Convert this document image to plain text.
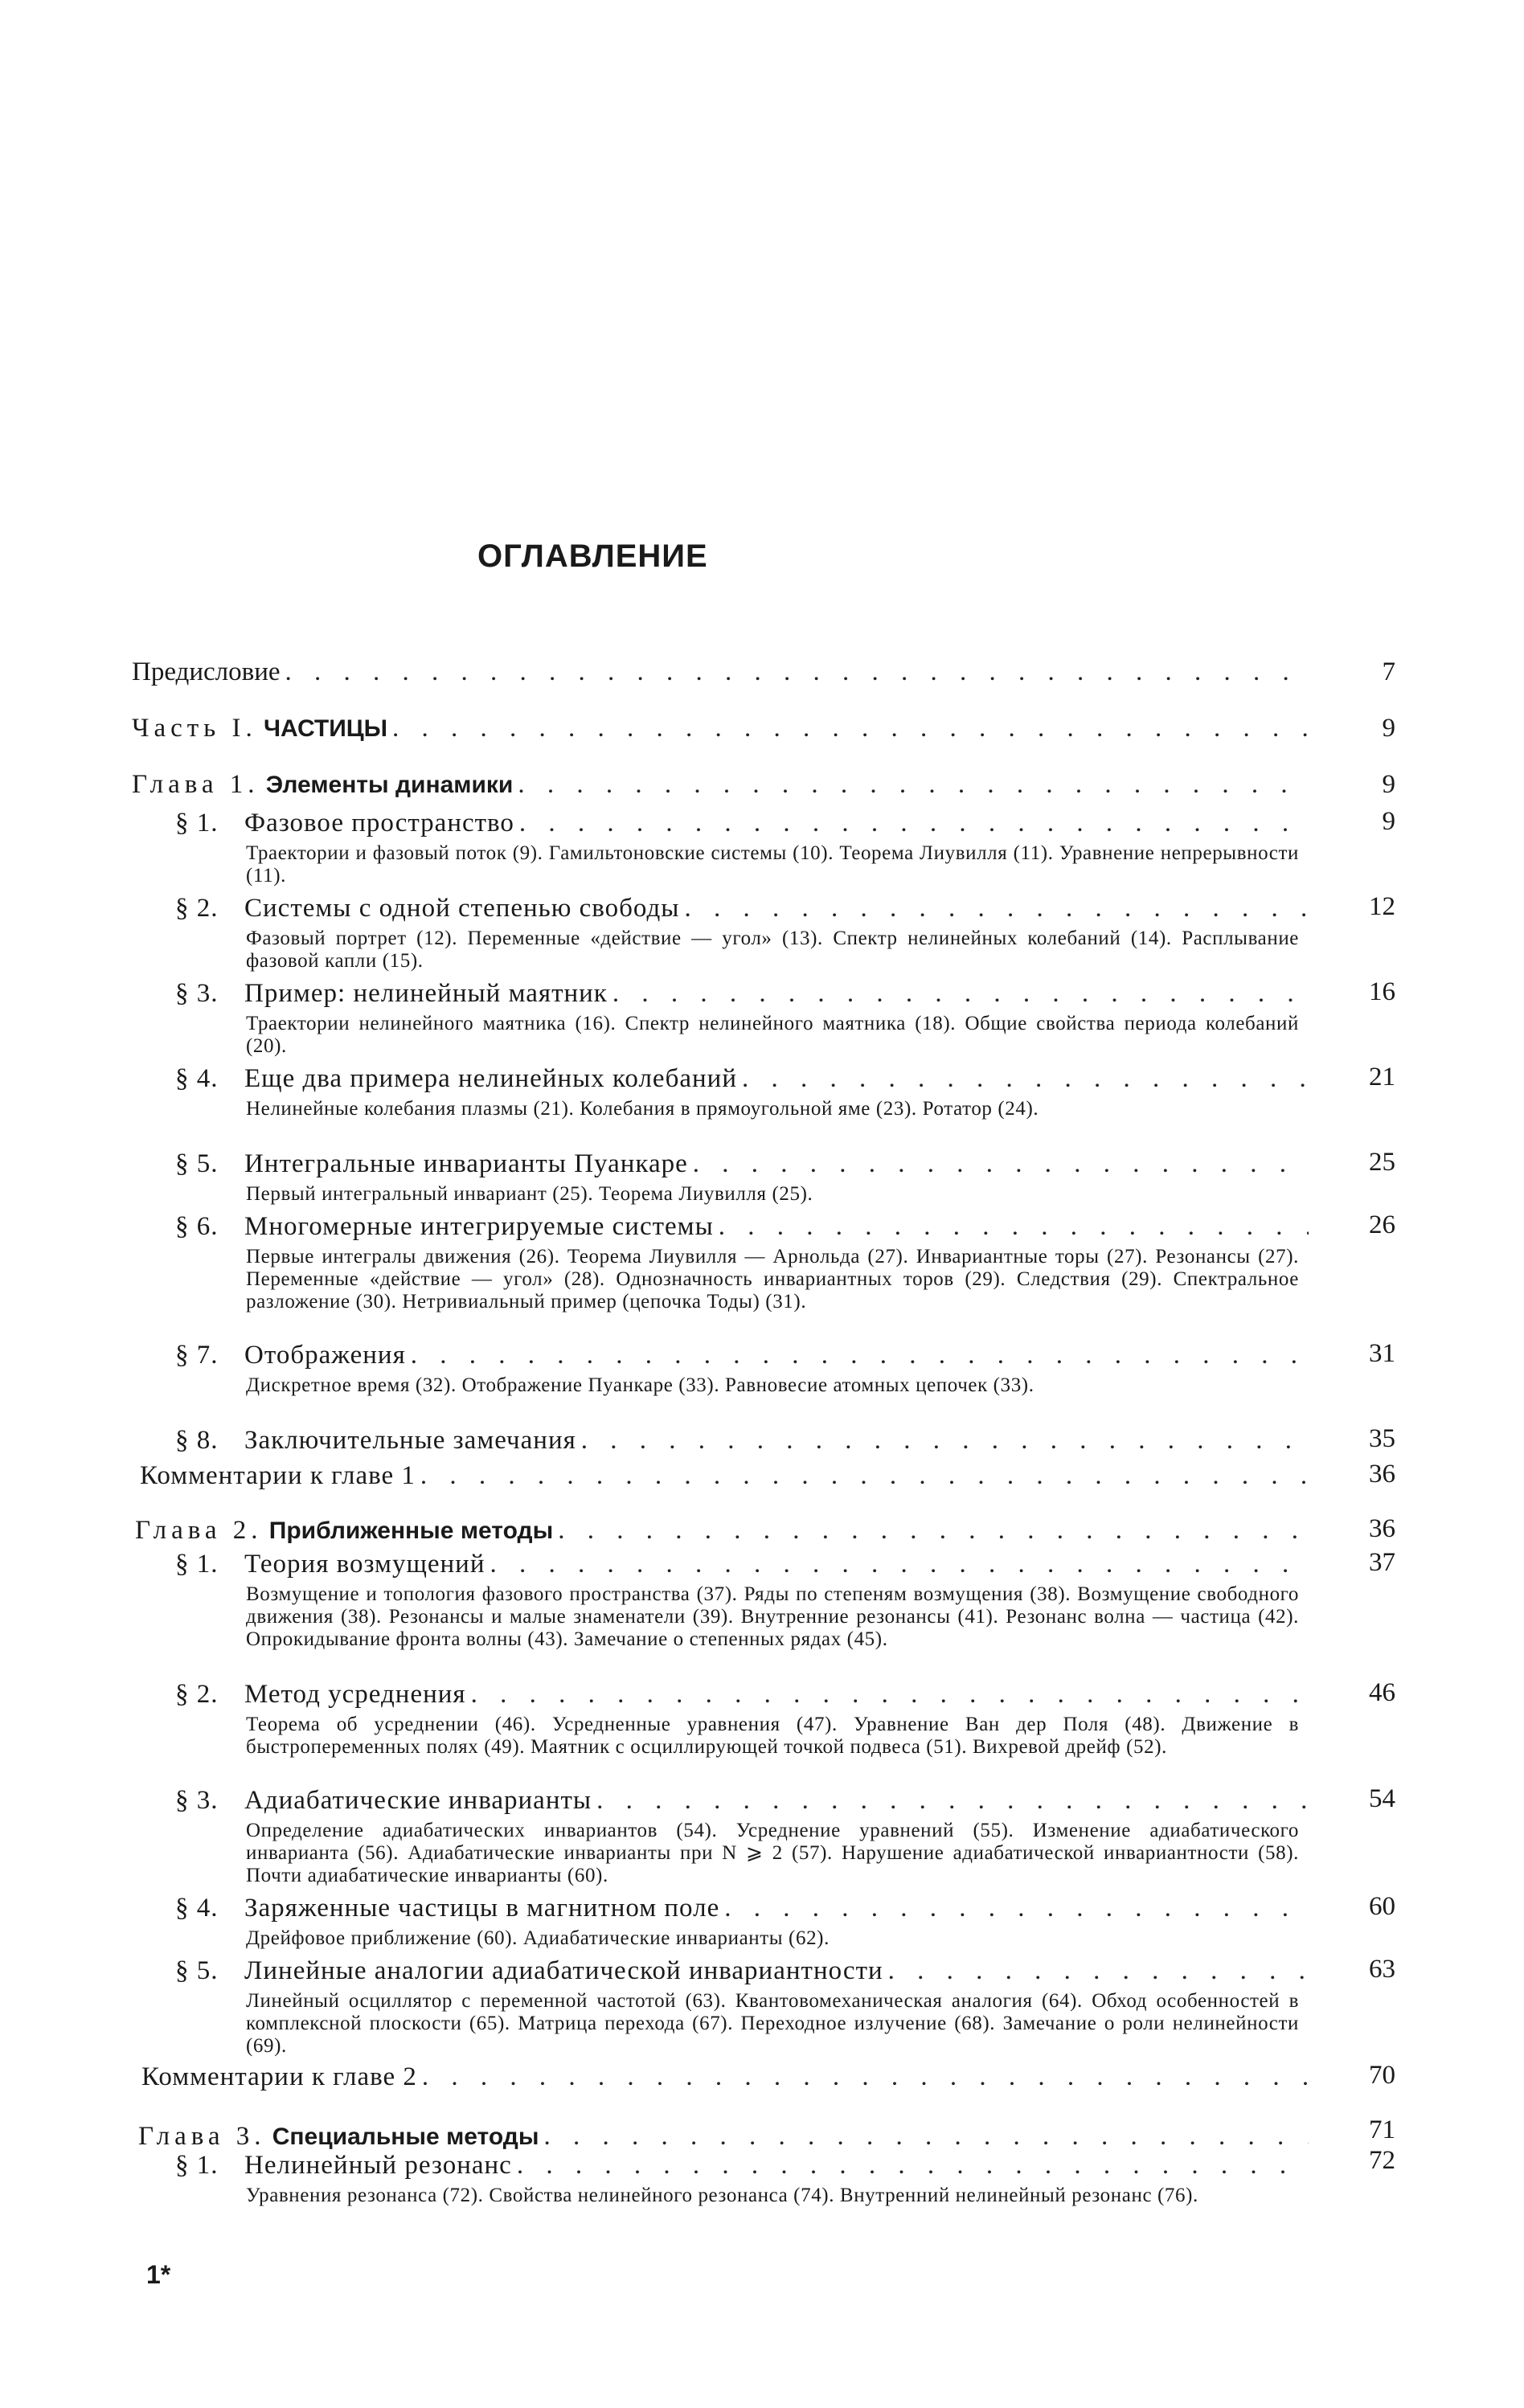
ОГЛАВЛЕНИЕ
Предисловие . . .	7
Часть I. ЧАСТИЦЫ . . .	9
Глава 1. Элементы динамики . . .	9
§ 1. Фазовое пространство . . .	9
Траектории и фазовый поток (9). Гамильтоновские системы (10). Теорема Лиувилля (11). Уравнение непрерывности (11).
§ 2. Системы с одной степенью свободы . . .	12
Фазовый портрет (12). Переменные «действие — угол» (13). Спектр нелинейных колебаний (14). Расплывание фазовой капли (15).
§ 3. Пример: нелинейный маятник . . .	16
Траектории нелинейного маятника (16). Спектр нелинейного маятника (18). Общие свойства периода колебаний (20).
§ 4. Еще два примера нелинейных колебаний . . .	21
Нелинейные колебания плазмы (21). Колебания в прямоугольной яме (23). Ротатор (24).
§ 5. Интегральные инварианты Пуанкаре . . .	25
Первый интегральный инвариант (25). Теорема Лиувилля (25).
§ 6. Многомерные интегрируемые системы . . .	26
Первые интегралы движения (26). Теорема Лиувилля — Арнольда (27). Инвариантные торы (27). Резонансы (27). Переменные «действие — угол» (28). Однозначность инвариантных торов (29). Следствия (29). Спектральное разложение (30). Нетривиальный пример (цепочка Тоды) (31).
§ 7. Отображения . . .	31
Дискретное время (32). Отображение Пуанкаре (33). Равновесие атомных цепочек (33).
§ 8. Заключительные замечания . . .	35
Комментарии к главе 1 . . .	36
Глава 2. Приближенные методы . . .	36
§ 1. Теория возмущений . . .	37
Возмущение и топология фазового пространства (37). Ряды по степеням возмущения (38). Возмущение свободного движения (38). Резонансы и малые знаменатели (39). Внутренние резонансы (41). Резонанс волна — частица (42). Опрокидывание фронта волны (43). Замечание о степенных рядах (45).
§ 2. Метод усреднения . . .	46
Теорема об усреднении (46). Усредненные уравнения (47). Уравнение Ван дер Поля (48). Движение в быстропеременных полях (49). Маятник с осциллирующей точкой подвеса (51). Вихревой дрейф (52).
§ 3. Адиабатические инварианты . . .	54
Определение адиабатических инвариантов (54). Усреднение уравнений (55). Изменение адиабатического инварианта (56). Адиабатические инварианты при N ⩾ 2 (57). Нарушение адиабатической инвариантности (58). Почти адиабатические инварианты (60).
§ 4. Заряженные частицы в магнитном поле . . .	60
Дрейфовое приближение (60). Адиабатические инварианты (62).
§ 5. Линейные аналогии адиабатической инвариантности . . .	63
Линейный осциллятор с переменной частотой (63). Квантовомеханическая аналогия (64). Обход особенностей в комплексной плоскости (65). Матрица перехода (67). Переходное излучение (68). Замечание о роли нелинейности (69).
Комментарии к главе 2 . . .	70
Глава 3. Специальные методы . . .	71
§ 1. Нелинейный резонанс . . .	72
Уравнения резонанса (72). Свойства нелинейного резонанса (74). Внутренний нелинейный резонанс (76).
1*
